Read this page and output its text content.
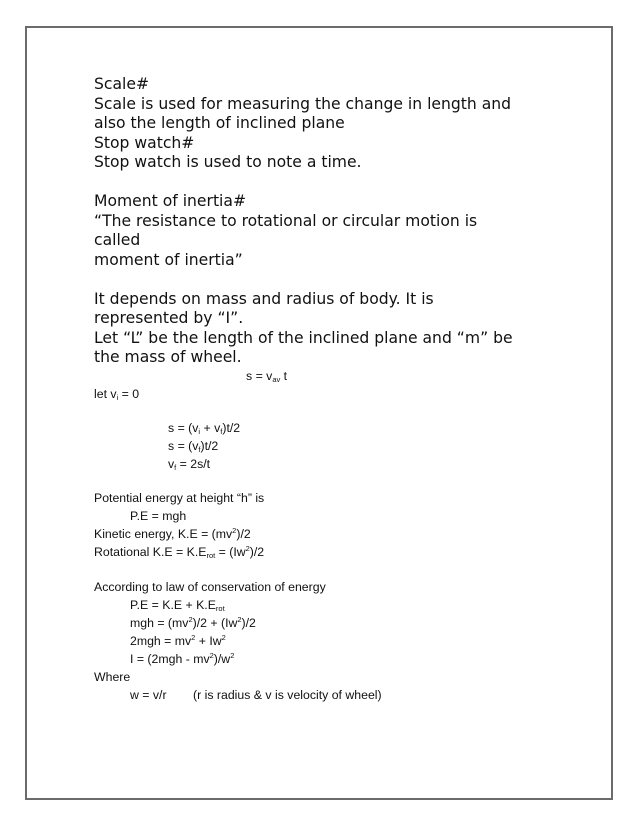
Scale#
Scale is used for measuring the change in length and
also the length of inclined plane
Stop watch#
Stop watch is used to note a time.
Moment of inertia#
“The resistance to rotational or circular motion is
called
moment of inertia”
It depends on mass and radius of body. It is
represented by “I”.
Let “L” be the length of the inclined plane and “m” be
the mass of wheel.
$s = v_{av}$ t
let $v_i = 0$
$s = (v_i + v_f)t/2$
$s = (v_f)t/2$
$v_f = 2s/t$
Potential energy at height “h” is
P.E = mgh
Kinetic energy, $K.E = (mv^2)/2$
Rotational $K.E = K.E_{rot} = (Iw^2)/2$
According to law of conservation of energy
$P.E = K.E + K.E_{rot}$
mgh = $(mv^2)/2 + (Iw^2)/2$
$2mgh = mv^2 + Iw^2$
$I = (2mgh - mv^2)/w^2$
Where
w = v/r (r is radius & v is velocity of wheel)
